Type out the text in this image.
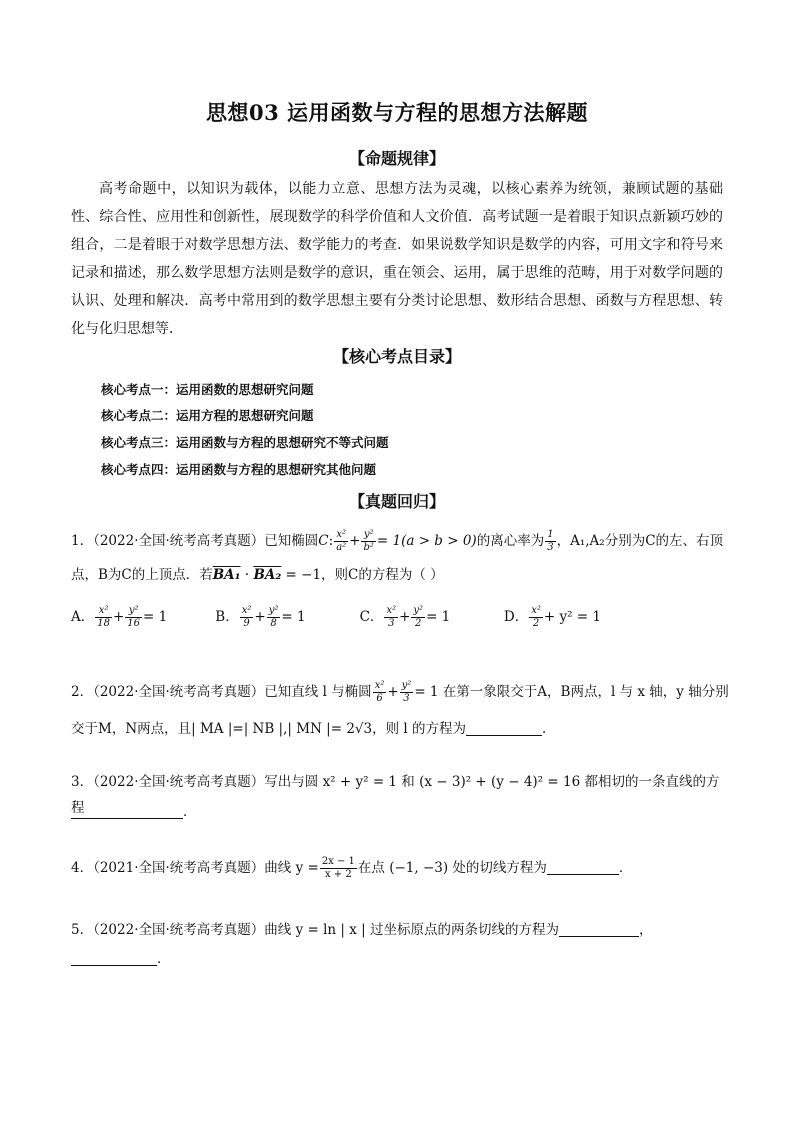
思想03 运用函数与方程的思想方法解题
【命题规律】
高考命题中，以知识为载体，以能力立意、思想方法为灵魂，以核心素养为统领，兼顾试题的基础性、综合性、应用性和创新性，展现数学的科学价值和人文价值．高考试题一是着眼于知识点新颖巧妙的组合，二是着眼于对数学思想方法、数学能力的考查．如果说数学知识是数学的内容，可用文字和符号来记录和描述，那么数学思想方法则是数学的意识，重在领会、运用，属于思维的范畴，用于对数学问题的认识、处理和解决．高考中常用到的数学思想主要有分类讨论思想、数形结合思想、函数与方程思想、转化与化归思想等．
【核心考点目录】
核心考点一：运用函数的思想研究问题
核心考点二：运用方程的思想研究问题
核心考点三：运用函数与方程的思想研究不等式问题
核心考点四：运用函数与方程的思想研究其他问题
【真题回归】
1．（2022·全国·统考高考真题）已知椭圆C: $\frac{\text{x²}}{\text{a²}} + \frac{\text{y²}}{\text{b²}} = 1(a > b > 0)$的离心率为 $\frac{1}{3}$ ，A₁,A₂分别为C的左、右顶
点，B为C的上顶点．若BA₁ · BA₂ = −1，则C的方程为（ ）
A． $\frac{\text{x²}}{18} + \frac{\text{y²}}{16} = 1$	B． $\frac{\text{x²}}{9} + \frac{\text{y²}}{8} = 1$	C． $\frac{\text{x²}}{3} + \frac{\text{y²}}{2} = 1$	D． $\frac{\text{x²}}{2} + y^2 = 1$
2．（2022·全国·统考高考真题）已知直线 l 与椭圆 $\frac{\text{x²}}{6} + \frac{\text{y²}}{3} = 1$ 在第一象限交于A，B两点，l 与 x 轴，y 轴分别
交于M，N两点，且| MA |=| NB |,| MN |= 2√3，则 l 的方程为	．
3．（2022·全国·统考高考真题）写出与圆 x² + y² = 1 和 (x − 3)² + (y − 4)² = 16 都相切的一条直线的方程	．
4．（2021·全国·统考高考真题）曲线 $y = \frac{2x - 1}{x + 2}$ 在点 (−1, −3) 处的切线方程为	．
5．（2022·全国·统考高考真题）曲线 y = ln | x | 过坐标原点的两条切线的方程为	，
．
